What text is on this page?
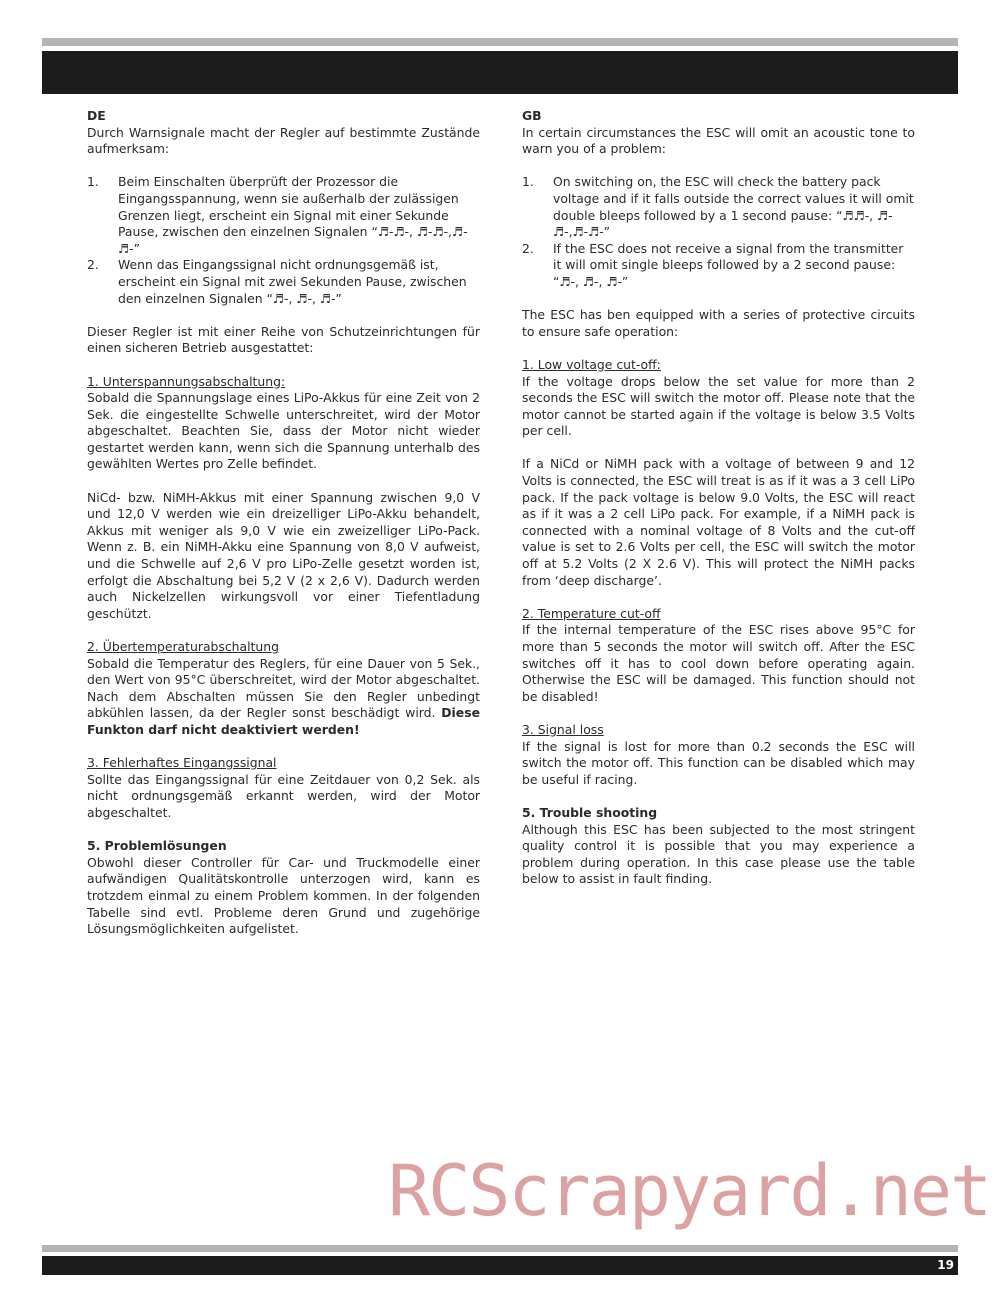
DE

Durch Warnsignale macht der Regler auf bestimmte Zustände aufmerksam:

1.	Beim Einschalten überprüft der Prozessor die Eingangsspannung, wenn sie außerhalb der zulässigen Grenzen liegt, erscheint ein Signal mit einer Sekunde Pause, zwischen den einzelnen Signalen “♬-♬-, ♬-♬-,♬-♬-”
2.	Wenn das Eingangssignal nicht ordnungsgemäß ist, erscheint ein Signal mit zwei Sekunden Pause, zwischen den einzelnen Signalen “♬-, ♬-, ♬-”

Dieser Regler ist mit einer Reihe von Schutzeinrichtungen für einen sicheren Betrieb ausgestattet:

1. Unterspannungsabschaltung:

Sobald die Spannungslage eines LiPo-Akkus für eine Zeit von 2 Sek. die eingestellte Schwelle unterschreitet, wird der Motor abgeschaltet. Beachten Sie, dass der Motor nicht wieder gestartet werden kann, wenn sich die Spannung unterhalb des gewählten Wertes pro Zelle befindet.

NiCd- bzw. NiMH-Akkus mit einer Spannung zwischen 9,0 V und 12,0 V werden wie ein dreizelliger LiPo-Akku behandelt, Akkus mit weniger als 9,0 V wie ein zweizelliger LiPo-Pack. Wenn z. B. ein NiMH-Akku eine Spannung von 8,0 V aufweist, und die Schwelle auf 2,6 V pro LiPo-Zelle gesetzt worden ist, erfolgt die Abschaltung bei 5,2 V (2 x 2,6 V). Dadurch werden auch Nickelzellen wirkungsvoll vor einer Tiefentladung geschützt.

2. Übertemperaturabschaltung

Sobald die Temperatur des Reglers, für eine Dauer von 5 Sek., den Wert von 95°C überschreitet, wird der Motor abgeschaltet. Nach dem Abschalten müssen Sie den Regler unbedingt abkühlen lassen, da der Regler sonst beschädigt wird. Diese Funkton darf nicht deaktiviert werden!

3. Fehlerhaftes Eingangssignal

Sollte das Eingangssignal für eine Zeitdauer von 0,2 Sek. als nicht ordnungsgemäß erkannt werden, wird der Motor abgeschaltet.

5. Problemlösungen

Obwohl dieser Controller für Car- und Truckmodelle einer aufwändigen Qualitätskontrolle unterzogen wird, kann es trotzdem einmal zu einem Problem kommen. In der folgenden Tabelle sind evtl. Probleme deren Grund und zugehörige Lösungsmöglichkeiten aufgelistet.

GB

In certain circumstances the ESC will omit an acoustic tone to warn you of a problem:

1.	On switching on, the ESC will check the battery pack voltage and if it falls outside the correct values it will omit double bleeps followed by a 1 second pause: “♬♬-, ♬-♬-,♬-♬-”
2.	If the ESC does not receive a signal from the transmitter it will omit single bleeps followed by a 2 second pause: “♬-, ♬-, ♬-”

The ESC has ben equipped with a series of protective circuits to ensure safe operation:

1. Low voltage cut-off:

If the voltage drops below the set value for more than 2 seconds the ESC will switch the motor off. Please note that the motor cannot be started again if the voltage is below 3.5 Volts per cell.

If a NiCd or NiMH pack with a voltage of between 9 and 12 Volts is connected, the ESC will treat is as if it was a 3 cell LiPo pack. If the pack voltage is below 9.0 Volts, the ESC will react as if it was a 2 cell LiPo pack. For example, if a NiMH pack is connected with a nominal voltage of 8 Volts and the cut-off value is set to 2.6 Volts per cell, the ESC will switch the motor off at 5.2 Volts (2 X 2.6 V). This will protect the NiMH packs from ‘deep discharge’.

2. Temperature cut-off

If the internal temperature of the ESC rises above 95°C for more than 5 seconds the motor will switch off. After the ESC switches off it has to cool down before operating again. Otherwise the ESC will be damaged. This function should not be disabled!

3. Signal loss

If the signal is lost for more than 0.2 seconds the ESC will switch the motor off. This function can be disabled which may be useful if racing.

5. Trouble shooting

Although this ESC has been subjected to the most stringent quality control it is possible that you may experience a problem during operation. In this case please use the table below to assist in fault finding.

RCScrapyard.net
19
